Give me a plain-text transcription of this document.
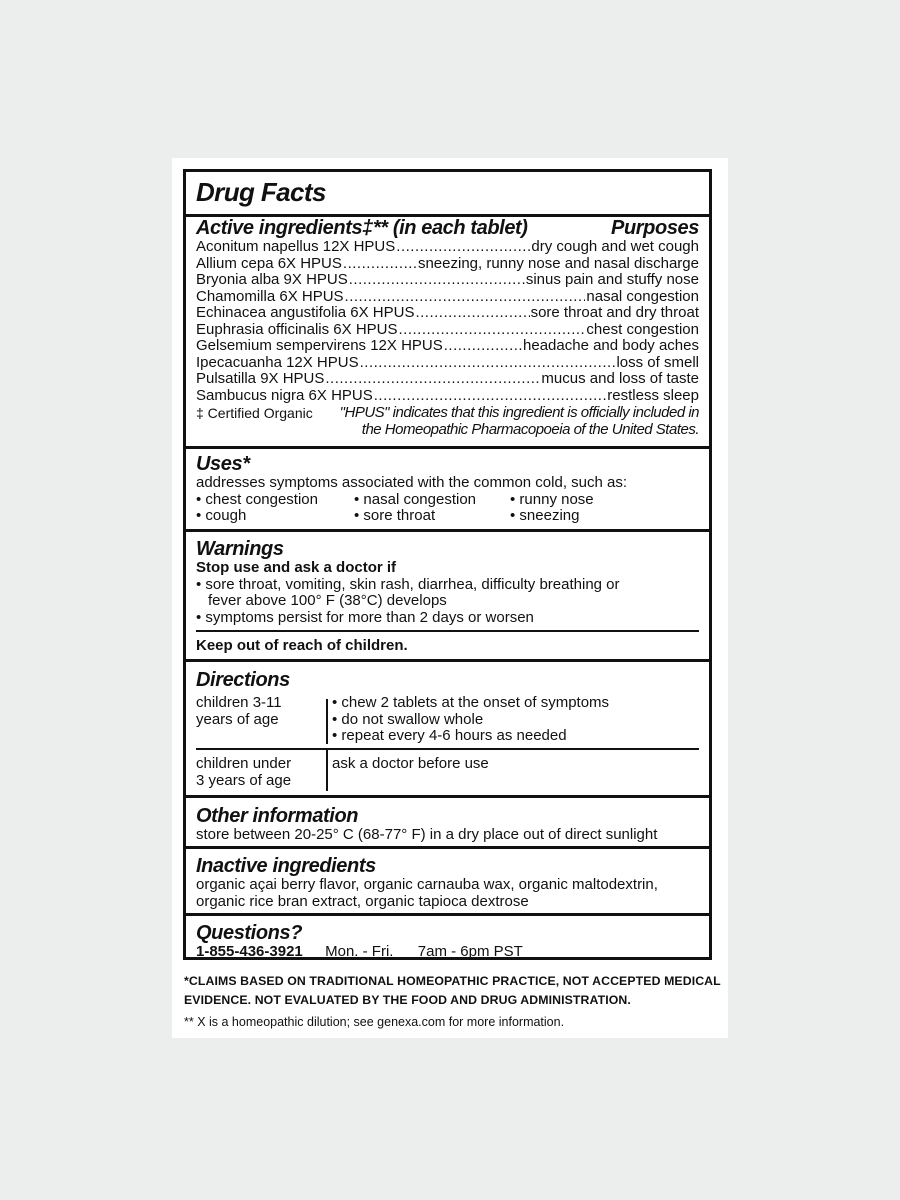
Drug Facts
Active ingredients‡** (in each tablet)	Purposes
Aconitum napellus 12X HPUS .....	dry cough and wet cough
Allium cepa 6X HPUS .....	sneezing, runny nose and nasal discharge
Bryonia alba 9X HPUS .....	sinus pain and stuffy nose
Chamomilla 6X HPUS .....	nasal congestion
Echinacea angustifolia 6X HPUS .....	sore throat and dry throat
Euphrasia officinalis 6X HPUS .....	chest congestion
Gelsemium sempervirens 12X HPUS .....	headache and body aches
Ipecacuanha 12X HPUS .....	loss of smell
Pulsatilla 9X HPUS .....	mucus and loss of taste
Sambucus nigra 6X HPUS .....	restless sleep
‡ Certified Organic "HPUS" indicates that this ingredient is officially included in
the Homeopathic Pharmacopoeia of the United States.
Uses*
addresses symptoms associated with the common cold, such as:
• chest congestion
• cough
• nasal congestion
• sore throat
• runny nose
• sneezing
Warnings
Stop use and ask a doctor if
• sore throat, vomiting, skin rash, diarrhea, difficulty breathing or
fever above 100° F (38°C) develops
• symptoms persist for more than 2 days or worsen
Keep out of reach of children.
Directions
children 3-11
years of age
• chew 2 tablets at the onset of symptoms
• do not swallow whole
• repeat every 4-6 hours as needed
children under
3 years of age
ask a doctor before use
Other information
store between 20-25° C (68-77° F) in a dry place out of direct sunlight
Inactive ingredients
organic açai berry flavor, organic carnauba wax, organic maltodextrin,
organic rice bran extract, organic tapioca dextrose
Questions?
1-855-436-3921 Mon. - Fri. 7am - 6pm PST
*CLAIMS BASED ON TRADITIONAL HOMEOPATHIC PRACTICE, NOT ACCEPTED MEDICAL
EVIDENCE. NOT EVALUATED BY THE FOOD AND DRUG ADMINISTRATION.
** X is a homeopathic dilution; see genexa.com for more information.
